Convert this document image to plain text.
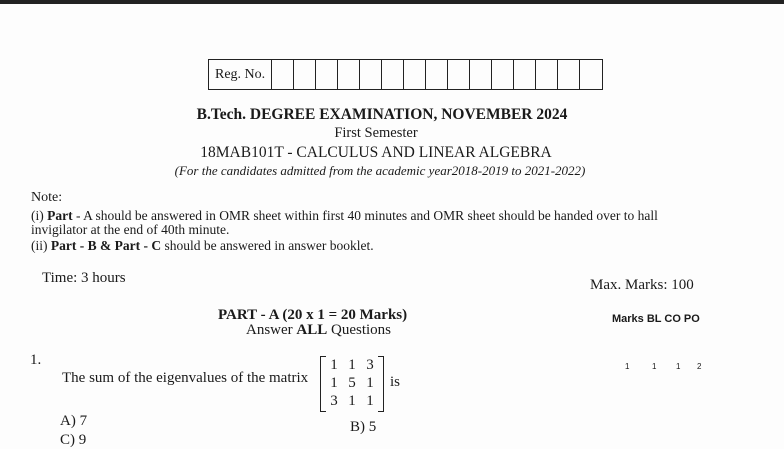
Reg. No.
B.Tech. DEGREE EXAMINATION, NOVEMBER 2024
First Semester
18MAB101T - CALCULUS AND LINEAR ALGEBRA
(For the candidates admitted from the academic year2018-2019 to 2021-2022)
Note:
(i) Part - A should be answered in OMR sheet within first 40 minutes and OMR sheet should be handed over to hall
invigilator at the end of 40th minute.
(ii) Part - B & Part - C should be answered in answer booklet.
Time: 3 hours	Max. Marks: 100
PART - A (20 x 1 = 20 Marks)
Answer ALL Questions
Marks BL CO PO
1.
The sum of the eigenvalues of the matrix
1 1 3
1 5 1
3 1 1
is
1	1 1 2
A) 7	B) 5
C) 9
